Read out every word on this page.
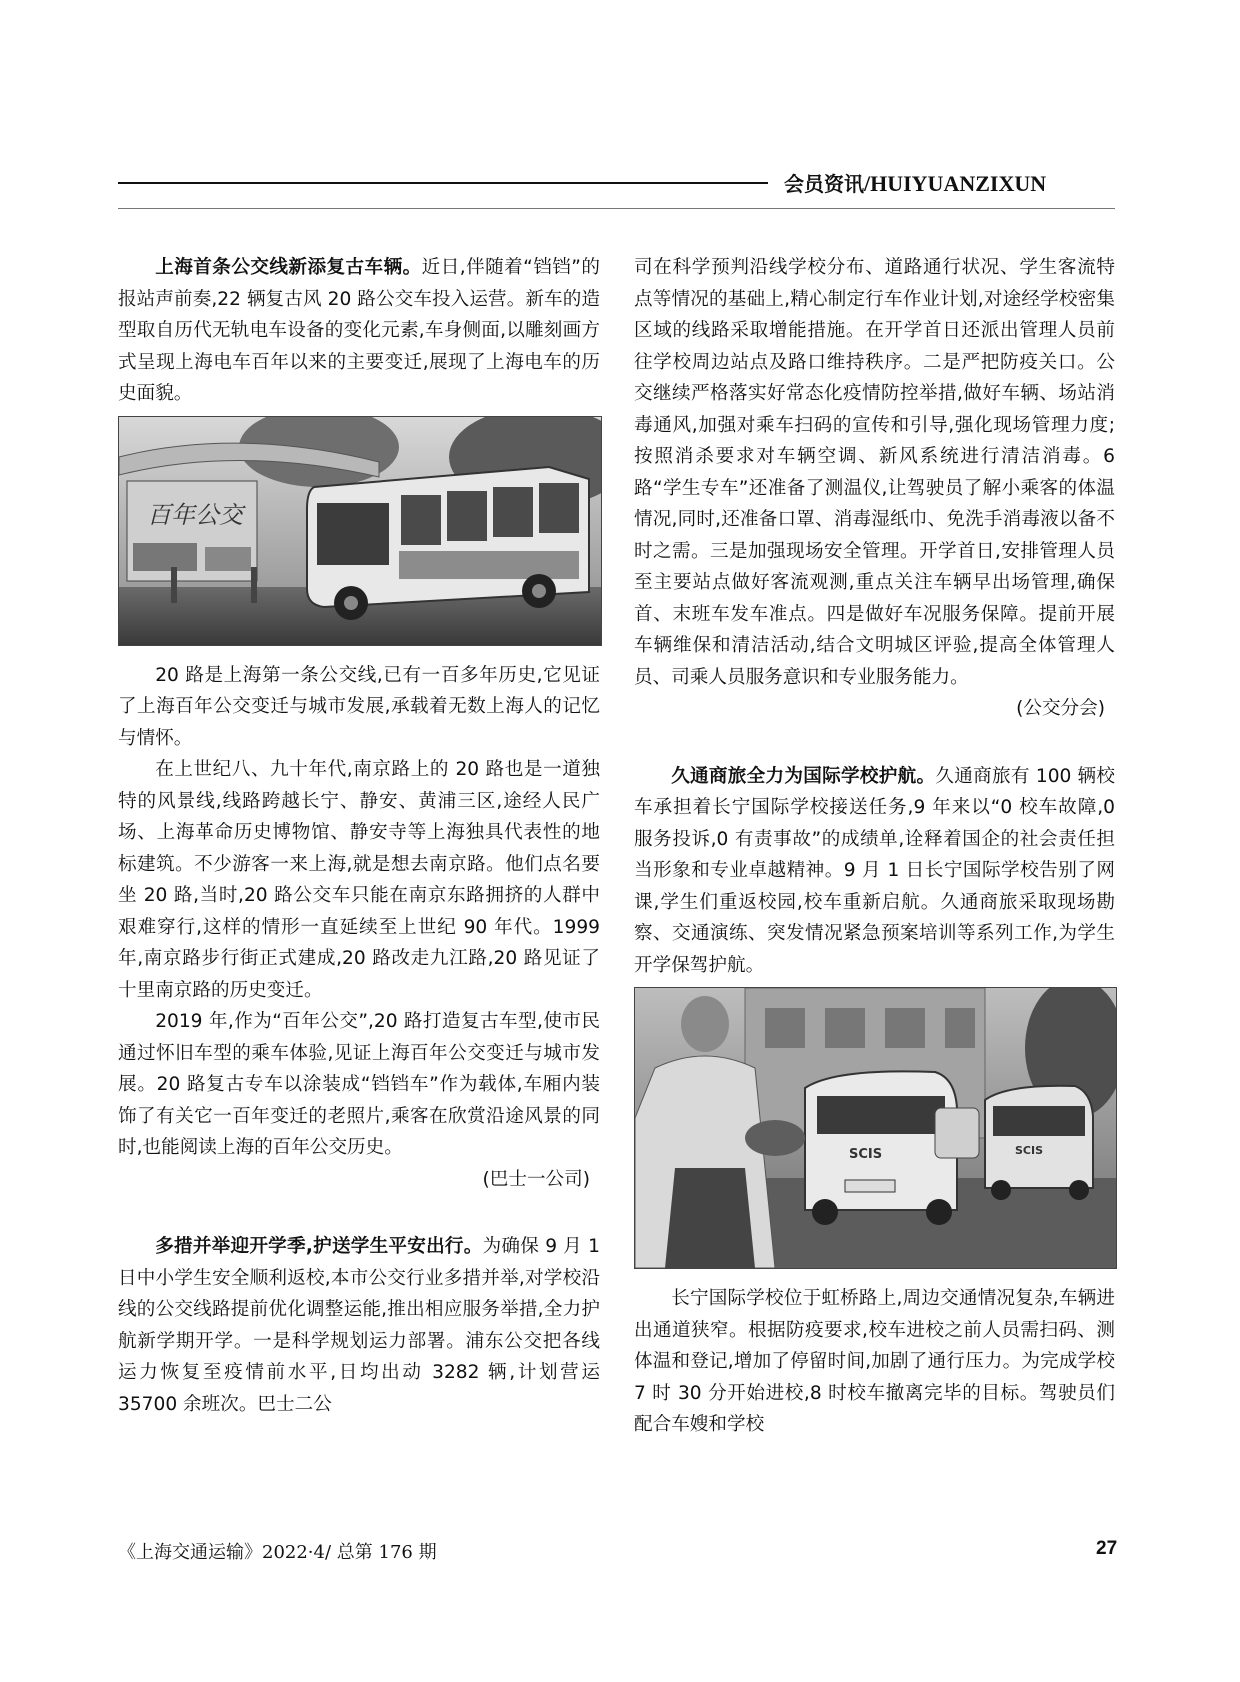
会员资讯/HUIYUANZIXUN

上海首条公交线新添复古车辆。近日,伴随着“铛铛”的报站声前奏,22 辆复古风 20 路公交车投入运营。新车的造型取自历代无轨电车设备的变化元素,车身侧面,以雕刻画方式呈现上海电车百年以来的主要变迁,展现了上海电车的历史面貌。

百年公交

20 路是上海第一条公交线,已有一百多年历史,它见证了上海百年公交变迁与城市发展,承载着无数上海人的记忆与情怀。

在上世纪八、九十年代,南京路上的 20 路也是一道独特的风景线,线路跨越长宁、静安、黄浦三区,途经人民广场、上海革命历史博物馆、静安寺等上海独具代表性的地标建筑。不少游客一来上海,就是想去南京路。他们点名要坐 20 路,当时,20 路公交车只能在南京东路拥挤的人群中艰难穿行,这样的情形一直延续至上世纪 90 年代。1999 年,南京路步行街正式建成,20 路改走九江路,20 路见证了十里南京路的历史变迁。

2019 年,作为“百年公交”,20 路打造复古车型,使市民通过怀旧车型的乘车体验,见证上海百年公交变迁与城市发展。20 路复古专车以涂装成“铛铛车”作为载体,车厢内装饰了有关它一百年变迁的老照片,乘客在欣赏沿途风景的同时,也能阅读上海的百年公交历史。

(巴士一公司)

多措并举迎开学季,护送学生平安出行。为确保 9 月 1 日中小学生安全顺利返校,本市公交行业多措并举,对学校沿线的公交线路提前优化调整运能,推出相应服务举措,全力护航新学期开学。一是科学规划运力部署。浦东公交把各线运力恢复至疫情前水平,日均出动 3282 辆,计划营运 35700 余班次。巴士二公

司在科学预判沿线学校分布、道路通行状况、学生客流特点等情况的基础上,精心制定行车作业计划,对途经学校密集区域的线路采取增能措施。在开学首日还派出管理人员前往学校周边站点及路口维持秩序。二是严把防疫关口。公交继续严格落实好常态化疫情防控举措,做好车辆、场站消毒通风,加强对乘车扫码的宣传和引导,强化现场管理力度;按照消杀要求对车辆空调、新风系统进行清洁消毒。6 路“学生专车”还准备了测温仪,让驾驶员了解小乘客的体温情况,同时,还准备口罩、消毒湿纸巾、免洗手消毒液以备不时之需。三是加强现场安全管理。开学首日,安排管理人员至主要站点做好客流观测,重点关注车辆早出场管理,确保首、末班车发车准点。四是做好车况服务保障。提前开展车辆维保和清洁活动,结合文明城区评验,提高全体管理人员、司乘人员服务意识和专业服务能力。

(公交分会)

久通商旅全力为国际学校护航。久通商旅有 100 辆校车承担着长宁国际学校接送任务,9 年来以“0 校车故障,0 服务投诉,0 有责事故”的成绩单,诠释着国企的社会责任担当形象和专业卓越精神。9 月 1 日长宁国际学校告别了网课,学生们重返校园,校车重新启航。久通商旅采取现场勘察、交通演练、突发情况紧急预案培训等系列工作,为学生开学保驾护航。

SCIS	SCIS

长宁国际学校位于虹桥路上,周边交通情况复杂,车辆进出通道狭窄。根据防疫要求,校车进校之前人员需扫码、测体温和登记,增加了停留时间,加剧了通行压力。为完成学校 7 时 30 分开始进校,8 时校车撤离完毕的目标。驾驶员们配合车嫂和学校

《上海交通运输》2022·4/ 总第 176 期	27
